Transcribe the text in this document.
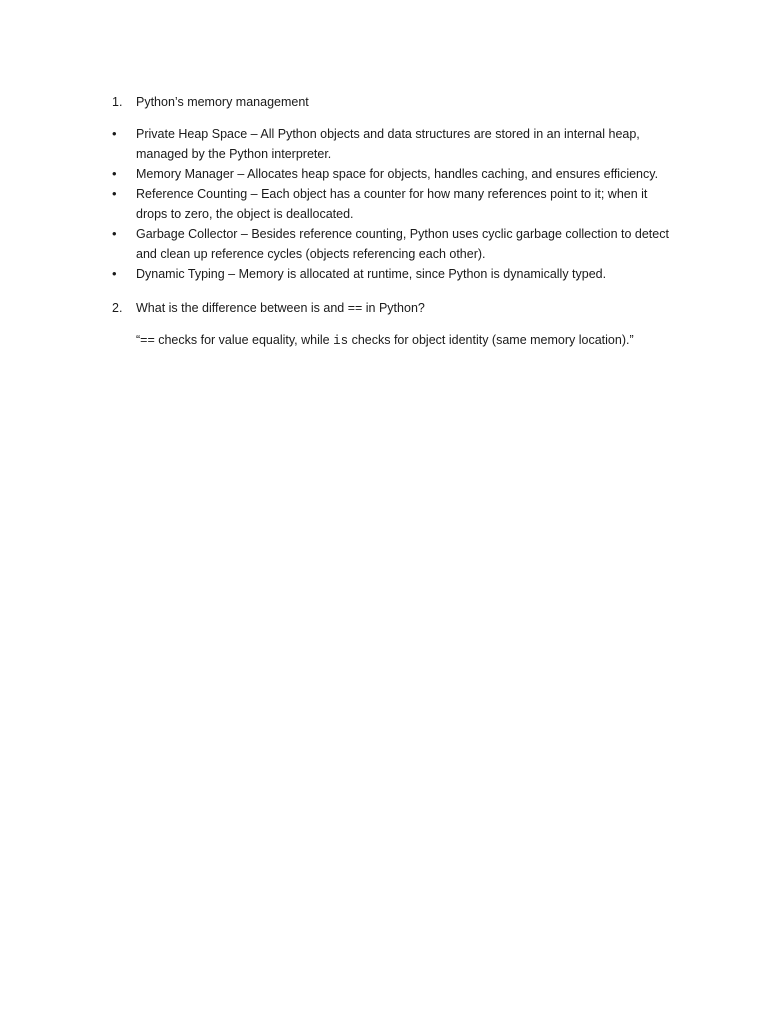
1.	Python’s memory management
•	Private Heap Space – All Python objects and data structures are stored in an internal heap, managed by the Python interpreter.
•	Memory Manager – Allocates heap space for objects, handles caching, and ensures efficiency.
•	Reference Counting – Each object has a counter for how many references point to it; when it drops to zero, the object is deallocated.
•	Garbage Collector – Besides reference counting, Python uses cyclic garbage collection to detect and clean up reference cycles (objects referencing each other).
•	Dynamic Typing – Memory is allocated at runtime, since Python is dynamically typed.
2.	What is the difference between is and == in Python?
“== checks for value equality, while is checks for object identity (same memory location).”
